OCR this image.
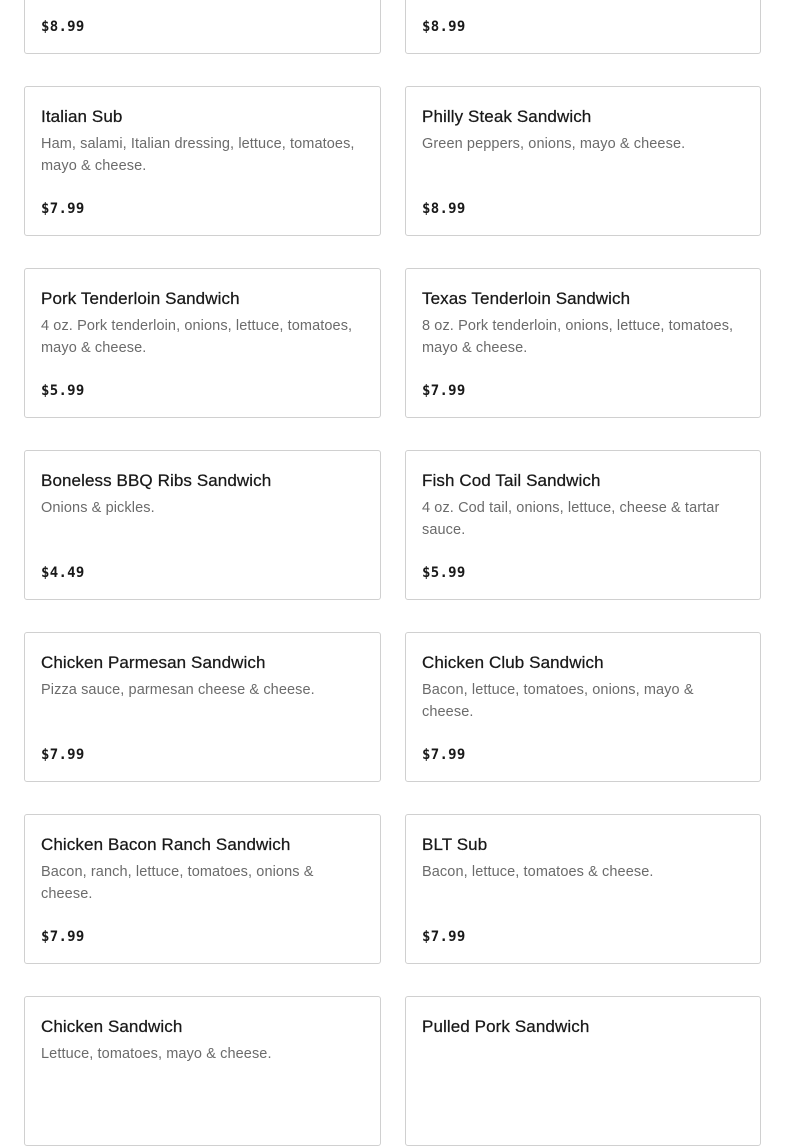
$8.99	$8.99
Italian Sub
Ham, salami, Italian dressing, lettuce, tomatoes, mayo & cheese.
$7.99
Philly Steak Sandwich
Green peppers, onions, mayo & cheese.
$8.99
Pork Tenderloin Sandwich
4 oz. Pork tenderloin, onions, lettuce, tomatoes, mayo & cheese.
$5.99
Texas Tenderloin Sandwich
8 oz. Pork tenderloin, onions, lettuce, tomatoes, mayo & cheese.
$7.99
Boneless BBQ Ribs Sandwich
Onions & pickles.
$4.49
Fish Cod Tail Sandwich
4 oz. Cod tail, onions, lettuce, cheese & tartar sauce.
$5.99
Chicken Parmesan Sandwich
Pizza sauce, parmesan cheese & cheese.
$7.99
Chicken Club Sandwich
Bacon, lettuce, tomatoes, onions, mayo & cheese.
$7.99
Chicken Bacon Ranch Sandwich
Bacon, ranch, lettuce, tomatoes, onions & cheese.
$7.99
BLT Sub
Bacon, lettuce, tomatoes & cheese.
$7.99
Chicken Sandwich
Lettuce, tomatoes, mayo & cheese.
Pulled Pork Sandwich
